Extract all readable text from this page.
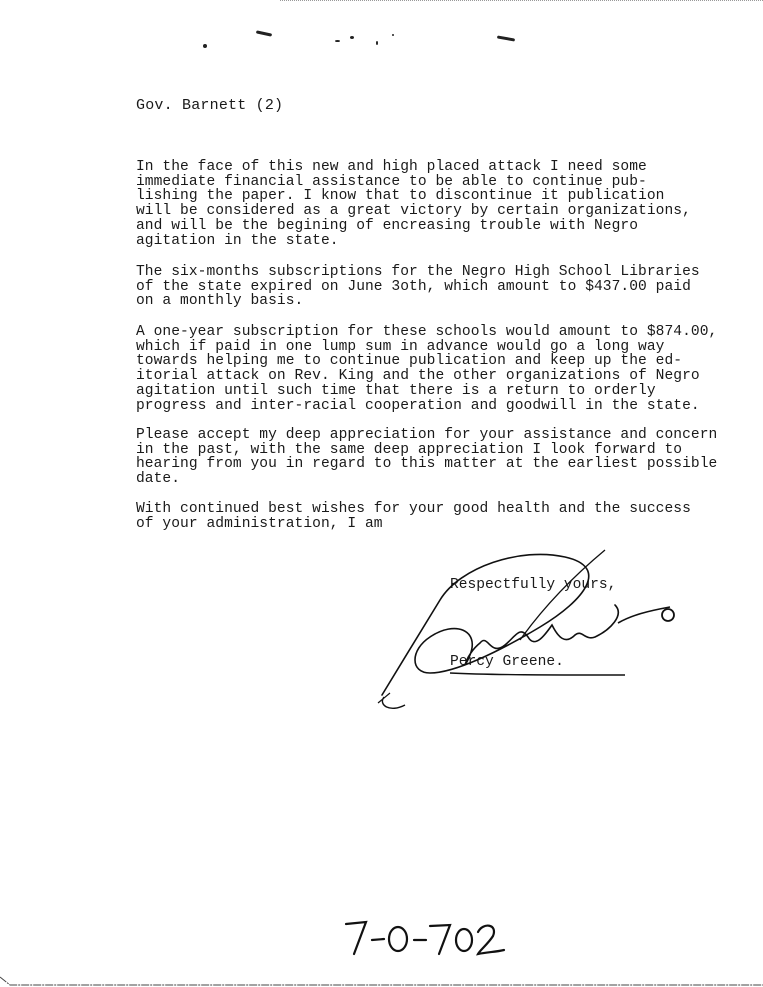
Gov. Barnett (2)
In the face of this new and high placed attack I need some
immediate financial assistance to be able to continue pub-
lishing the paper. I know that to discontinue it publication
will be considered as a great victory by certain organizations,
and will be the begining of encreasing trouble with Negro
agitation in the state.
The six-months subscriptions for the Negro High School Libraries
of the state expired on June 3oth, which amount to $437.00 paid
on a monthly basis.
A one-year subscription for these schools would amount to $874.00,
which if paid in one lump sum in advance would go a long way
towards helping me to continue publication and keep up the ed-
itorial attack on Rev. King and the other organizations of Negro
agitation until such time that there is a return to orderly
progress and inter-racial cooperation and goodwill in the state.
Please accept my deep appreciation for your assistance and concern
in the past, with the same deep appreciation I look forward to
hearing from you in regard to this matter at the earliest possible
date.
With continued best wishes for your good health and the success
of your administration, I am
Respectfully yours,
Percy Greene.
